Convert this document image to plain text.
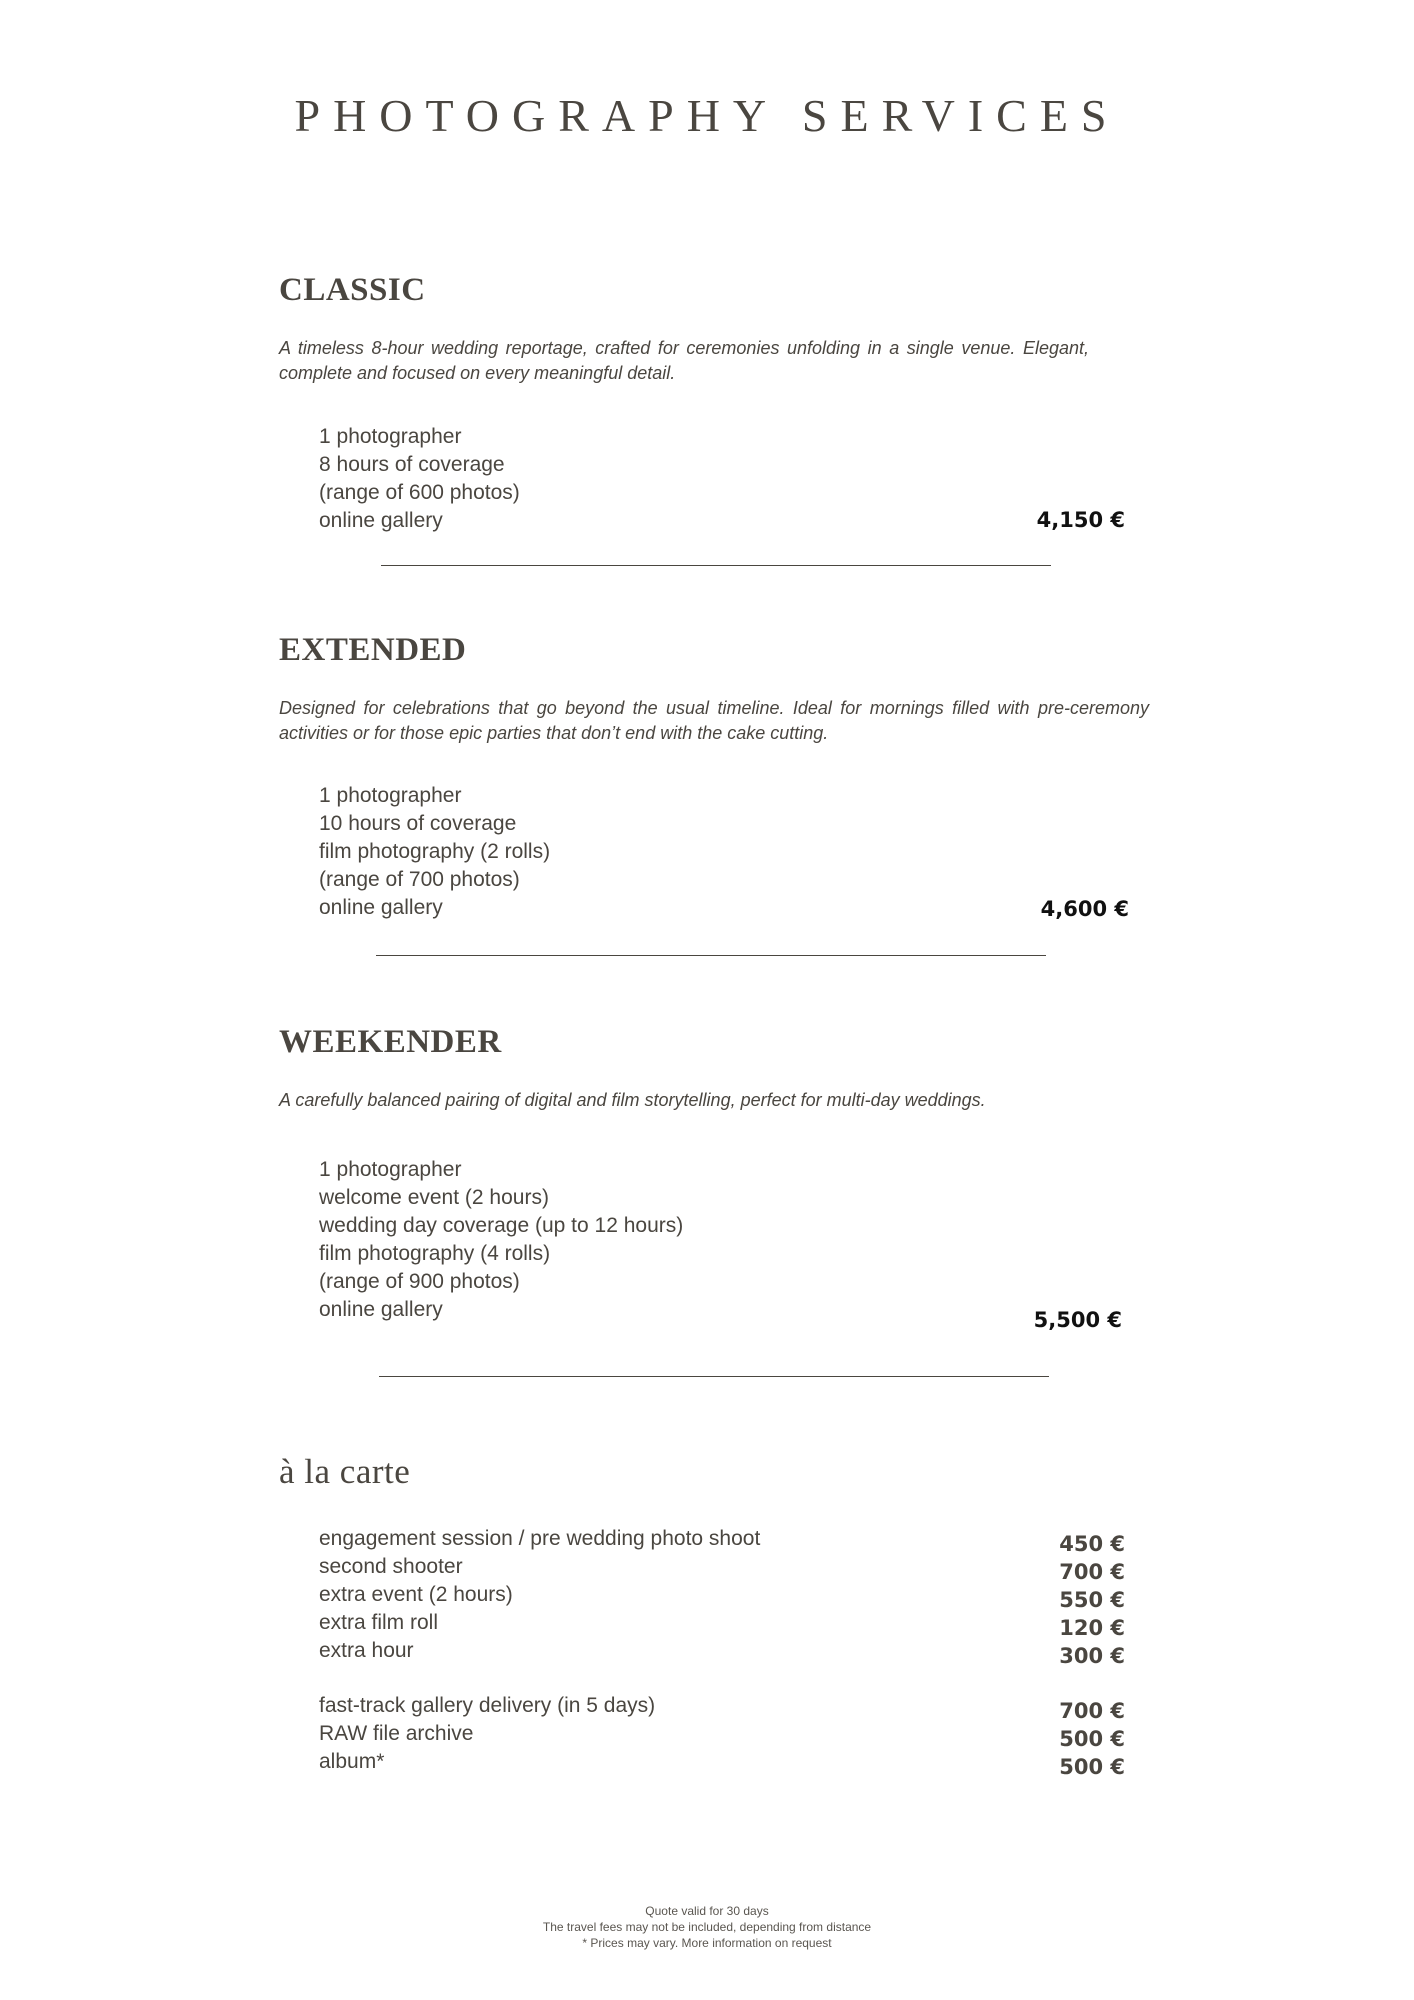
PHOTOGRAPHY SERVICES
CLASSIC

A timeless 8-hour wedding reportage, crafted for ceremonies unfolding in a single venue. Elegant, complete and focused on every meaningful detail.

1 photographer
8 hours of coverage
(range of 600 photos)
online gallery	4,150 €
EXTENDED

Designed for celebrations that go beyond the usual timeline. Ideal for mornings filled with pre-ceremony activities or for those epic parties that don’t end with the cake cutting.

1 photographer
10 hours of coverage
film photography (2 rolls)
(range of 700 photos)
online gallery	4,600 €
WEEKENDER

A carefully balanced pairing of digital and film storytelling, perfect for multi-day weddings.

1 photographer
welcome event (2 hours)
wedding day coverage (up to 12 hours)
film photography (4 rolls)
(range of 900 photos)
online gallery	5,500 €
à la carte
engagement session / pre wedding photo shoot	450 €
second shooter	700 €
extra event (2 hours)	550 €
extra film roll	120 €
extra hour	300 €
fast-track gallery delivery (in 5 days)	700 €
RAW file archive	500 €
album*	500 €
Quote valid for 30 days
The travel fees may not be included, depending from distance
* Prices may vary. More information on request
